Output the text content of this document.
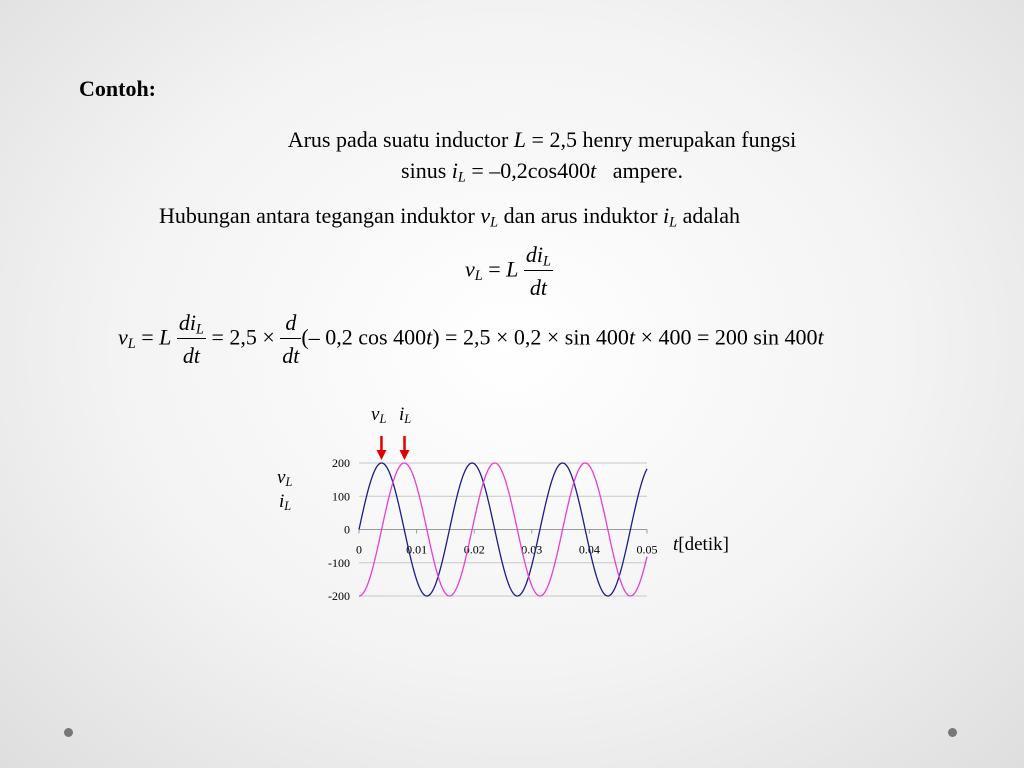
Contoh:
Arus pada suatu inductor L = 2,5 henry merupakan fungsi
sinus $i_L = -0,2\cos 400t$   ampere.
Hubungan antara tegangan induktor $v_L$ dan arus induktor $i_L$ adalah
$v_L = L \frac{di_L}{dt}$
$v_L = L \frac{di_L}{dt} = 2,5 \times \frac{d}{dt}$ (– 0,2 cos 400t) = 2,5 × 0,2 × sin 400t × 400 = 200 sin 400t
$v_L$
$i_L$
t[detik]
$v_L$ $i_L$
200
100
0
-100
-200
0	0.01	0.02	0.03	0.04	0.05
